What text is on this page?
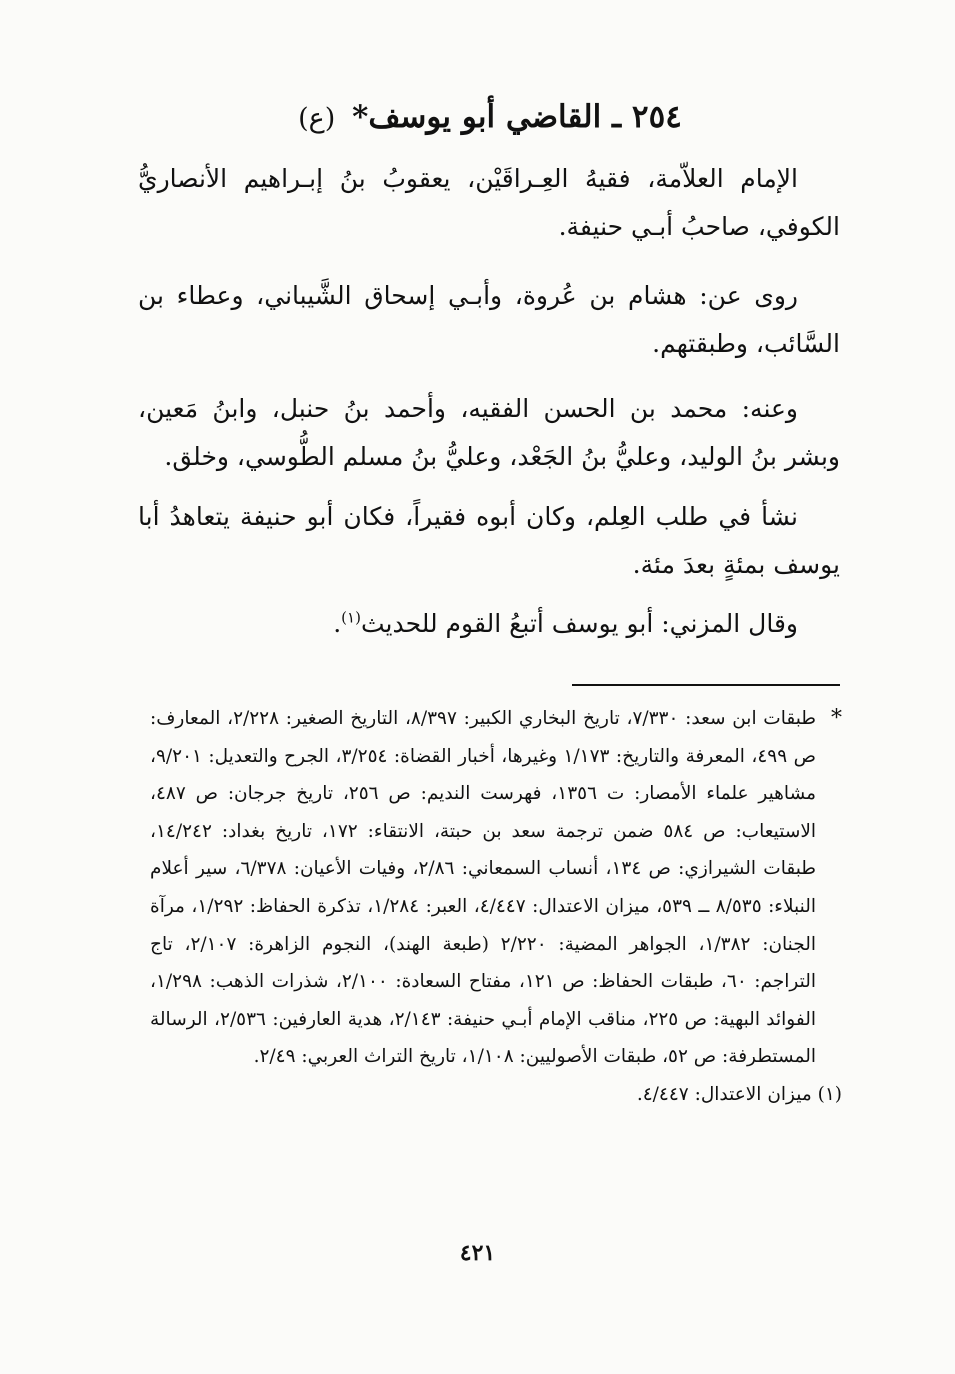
٢٥٤ ـ القاضي أبو يوسف* (ع)

الإمام العلاّمة، فقيهُ العِـراقَيْن، يعقوبُ بنُ إبـراهيم الأنصاريُّ الكوفي، صاحبُ أبـي حنيفة.

روى عن: هشام بن عُروة، وأبـي إسحاق الشَّيباني، وعطاء بن السَّائب، وطبقتهم.

وعنه: محمد بن الحسن الفقيه، وأحمد بنُ حنبل، وابنُ مَعين، وبشر بنُ الوليد، وعليُّ بنُ الجَعْد، وعليُّ بنُ مسلم الطُّوسي، وخلق.

نشأ في طلب العِلم، وكان أبوه فقيراً، فكان أبو حنيفة يتعاهدُ أبا يوسف بمئةٍ بعدَ مئة.

وقال المزني: أبو يوسف أتبعُ القوم للحديث$^{(١)}$.

*
طبقات ابن سعد: ٧/٣٣٠، تاريخ البخاري الكبير: ٨/٣٩٧، التاريخ الصغير: ٢/٢٢٨، المعارف: ص ٤٩٩، المعرفة والتاريخ: ١/١٧٣ وغيرها، أخبار القضاة: ٣/٢٥٤، الجرح والتعديل: ٩/٢٠١، مشاهير علماء الأمصار: ت ١٣٥٦، فهرست النديم: ص ٢٥٦، تاريخ جرجان: ص ٤٨٧، الاستيعاب: ص ٥٨٤ ضمن ترجمة سعد بن حبتة، الانتقاء: ١٧٢، تاريخ بغداد: ١٤/٢٤٢، طبقات الشيرازي: ص ١٣٤، أنساب السمعاني: ٢/٨٦، وفيات الأعيان: ٦/٣٧٨، سير أعلام النبلاء: ٨/٥٣٥ ــ ٥٣٩، ميزان الاعتدال: ٤/٤٤٧، العبر: ١/٢٨٤، تذكرة الحفاظ: ١/٢٩٢، مرآة الجنان: ١/٣٨٢، الجواهر المضية: ٢/٢٢٠ (طبعة الهند)، النجوم الزاهرة: ٢/١٠٧، تاج التراجم: ٦٠، طبقات الحفاظ: ص ١٢١، مفتاح السعادة: ٢/١٠٠، شذرات الذهب: ١/٢٩٨، الفوائد البهية: ص ٢٢٥، مناقب الإمام أبـي حنيفة: ٢/١٤٣، هدية العارفين: ٢/٥٣٦، الرسالة المستطرفة: ص ٥٢، طبقات الأصوليين: ١/١٠٨، تاريخ التراث العربي: ٢/٤٩.

(١) ميزان الاعتدال: ٤/٤٤٧.

٤٢١
